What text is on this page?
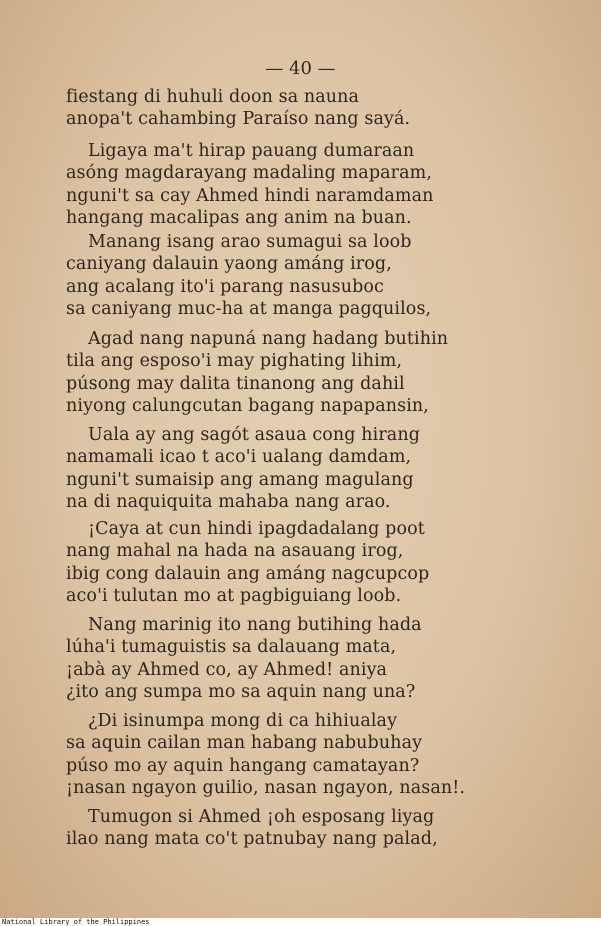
— 40 —
fiestang di huhuli doon sa nauna
anopa't cahambing Paraíso nang sayá.
Ligaya ma't hirap pauang dumaraan
asóng magdarayang madaling maparam,
nguni't sa cay Ahmed hindi naramdaman
hangang macalipas ang anim na buan.
Manang isang arao sumagui sa loob
caniyang dalauin yaong amáng irog,
ang acalang ito'i parang nasusuboc
sa caniyang muc-ha at manga pagquilos,
Agad nang napuná nang hadang butihin
tila ang esposo'i may pighating lihim,
púsong may dalita tinanong ang dahil
niyong calungcutan bagang napapansin,
Uala ay ang sagót asaua cong hirang
namamali icao t aco'i ualang damdam,
nguni't sumaisip ang amang magulang
na di naquiquita mahaba nang arao.
¡Caya at cun hindi ipagdadalang poot
nang mahal na hada na asauang irog,
ibig cong dalauin ang amáng nagcupcop
aco'i tulutan mo at pagbiguiang loob.
Nang marinig ito nang butihing hada
lúha'i tumaguistis sa dalauang mata,
¡abà ay Ahmed co, ay Ahmed! aniya
¿ito ang sumpa mo sa aquin nang una?
¿Di isinumpa mong di ca hihiualay
sa aquin cailan man habang nabubuhay
púso mo ay aquin hangang camatayan?
¡nasan ngayon guilio, nasan ngayon, nasan!.
Tumugon si Ahmed ¡oh esposang liyag
ilao nang mata co't patnubay nang palad,
National Library of the Philippines
